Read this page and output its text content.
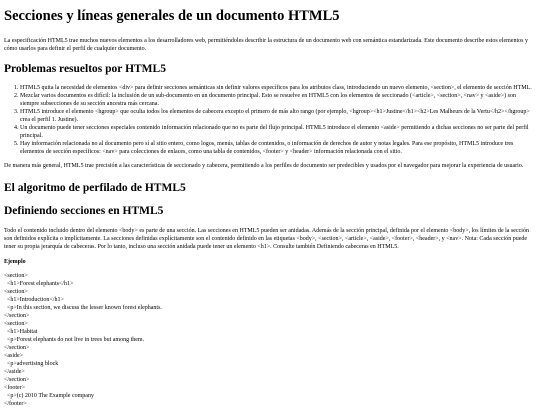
Secciones y líneas generales de un documento HTML5

La especificación HTML5 trae muchos nuevos elementos a los desarrolladores web, permitiéndoles describir la estructura de un documento web con semántica estandarizada. Este documento describe estos elementos y cómo usarlos para definir el perfil de cualquier documento.

Problemas resueltos por HTML5
1. HTML5 quita la necesidad de elementos <div> para definir secciones semánticas sin definir valores específicos para los atributos class, introduciendo un nuevo elemento, <section>, el elemento de sección HTML.
2. Mezclar varios documentos es difícil: la inclusión de un sub-documento en un documento principal. Esto se resuelve en HTML5 con los elementos de seccionado (<article>, <section>, <nav> y <aside>) son siempre subsecciones de su sección ancestra más cercana.
3. HTML5 introduce el elemento <hgroup> que oculta todos los elementos de cabecera excepto el primero de más alto rango (por ejemplo, <hgroup><h1>Justine</h1><h2>Les Malheurs de la Vertu</h2></hgroup> crea el perfil 1. Justine).
4. Un documento puede tener secciones especiales contenido información relacionado que no es parte del flujo principal. HTML5 introduce el elemento <aside> permitiendo a dichas secciones no ser parte del perfil principal.
5. Hay información relacionada no al documento pero sí al sitio entero, como logos, menús, tablas de contenidos, o información de derechos de autor y notas legales. Para ese propósito, HTML5 introduce tres elementos de sección específicos: <nav> para colecciones de enlaces, como una tabla de contenidos, <footer> y <header> información relacionada con el sitio.

De manera más general, HTML5 trae precisión a las características de seccionado y cabecera, permitiendo a los perfiles de documento ser predecibles y usados por el navegador para mejorar la experiencia de usuario.

El algoritmo de perfilado de HTML5
Definiendo secciones en HTML5

Todo el contenido incluido dentro del elemento <body> es parte de una sección. Las secciones en HTML5 pueden ser anidadas. Además de la sección principal, definida por el elemento <body>, los límites de la sección son definidos explícita o implícitamente. La secciones definidas explícitamente son el contenido definido en las etiquetas <body>, <section>, <article>, <aside>, <footer>, <header>, y <nav>. Nota: Cada sección puede tener su propia jerarquía de cabeceras. Por lo tanto, incluso una sección anidada puede tener un elemento <h1>. Consulte también Definiendo cabeceras en HTML5.

Ejemplo
<section>
<h1>Forest elephants</h1>
<section>
<h1>Introduction</h1>
<p>In this section, we discuss the lesser known forest elephants.
</section>
<section>
<h1>Habitat
<p>Forest elephants do not live in trees but among them.
</section>
<aside>
<p>advertising block
</aside>
</section>
<footer>
<p>(c) 2010 The Example company
</footer>
